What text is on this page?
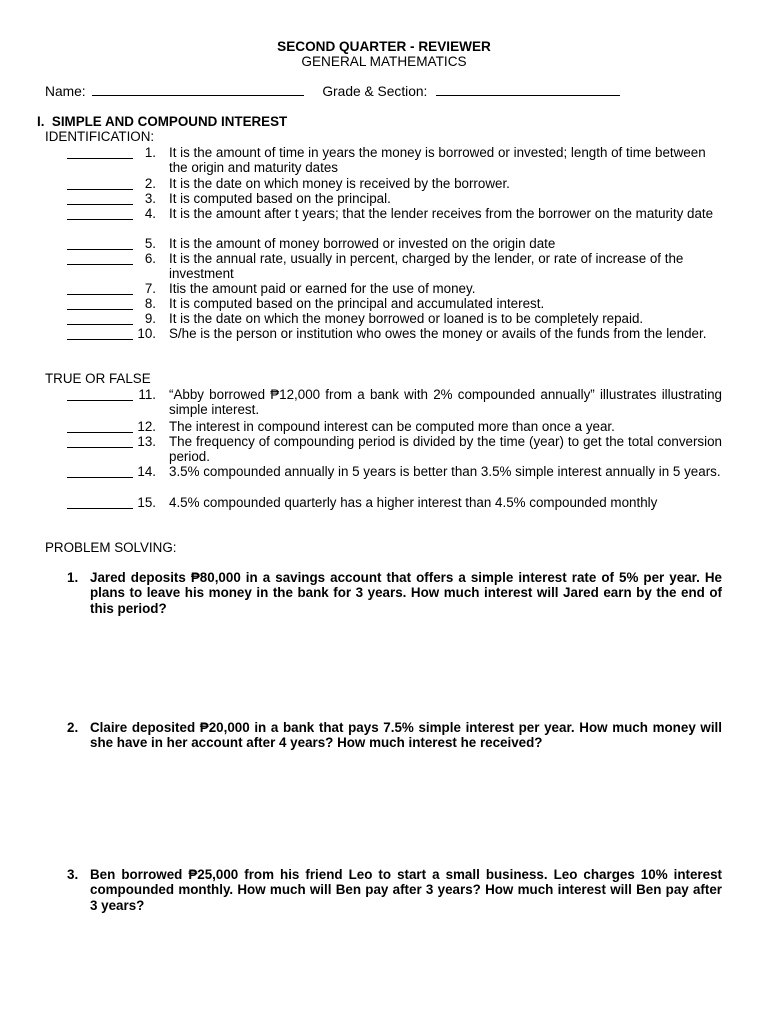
SECOND QUARTER - REVIEWER
GENERAL MATHEMATICS
Name:	Grade & Section:
I.  SIMPLE AND COMPOUND INTEREST
IDENTIFICATION:
1. It is the amount of time in years the money is borrowed or invested; length of time between the origin and maturity dates
2. It is the date on which money is received by the borrower.
3. It is computed based on the principal.
4. It is the amount after t years; that the lender receives from the borrower on the maturity date
5. It is the amount of money borrowed or invested on the origin date
6. It is the annual rate, usually in percent, charged by the lender, or rate of increase of the investment
7. Itis the amount paid or earned for the use of money.
8. It is computed based on the principal and accumulated interest.
9. It is the date on which the money borrowed or loaned is to be completely repaid.
10. S/he is the person or institution who owes the money or avails of the funds from the lender.
TRUE OR FALSE
11. “Abby borrowed ₱12,000 from a bank with 2% compounded annually” illustrates illustrating simple interest.
12. The interest in compound interest can be computed more than once a year.
13. The frequency of compounding period is divided by the time (year) to get the total conversion period.
14. 3.5% compounded annually in 5 years is better than 3.5% simple interest annually in 5 years.
15. 4.5% compounded quarterly has a higher interest than 4.5% compounded monthly
PROBLEM SOLVING:
1. Jared deposits ₱80,000 in a savings account that offers a simple interest rate of 5% per year. He plans to leave his money in the bank for 3 years. How much interest will Jared earn by the end of this period?
2. Claire deposited ₱20,000 in a bank that pays 7.5% simple interest per year. How much money will she have in her account after 4 years? How much interest he received?
3. Ben borrowed ₱25,000 from his friend Leo to start a small business. Leo charges 10% interest compounded monthly. How much will Ben pay after 3 years? How much interest will Ben pay after 3 years?
